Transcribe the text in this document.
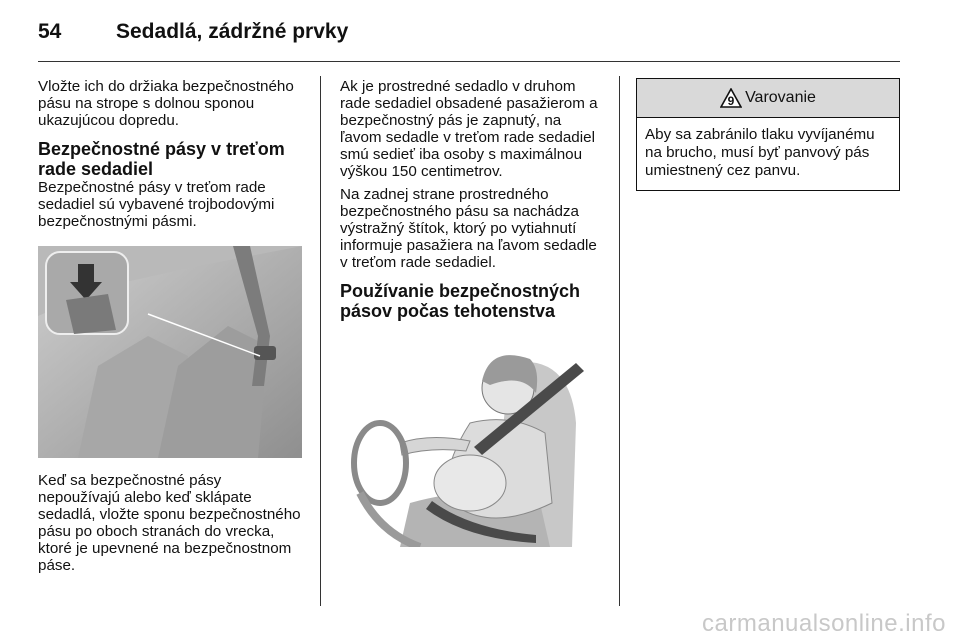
54	Sedadlá, zádržné prvky

Vložte ich do držiaka bezpečnostného pásu na strope s dolnou sponou ukazujúcou dopredu.

Bezpečnostné pásy v treťom rade sedadiel

Bezpečnostné pásy v treťom rade sedadiel sú vybavené trojbodovými bezpečnostnými pásmi.

Keď sa bezpečnostné pásy nepoužívajú alebo keď sklápate sedadlá, vložte sponu bezpečnostného pásu po oboch stranách do vrecka, ktoré je upevnené na bezpečnostnom páse.

Ak je prostredné sedadlo v druhom rade sedadiel obsadené pasažierom a bezpečnostný pás je zapnutý, na ľavom sedadle v treťom rade sedadiel smú sedieť iba osoby s maximálnou výškou 150 centimetrov.

Na zadnej strane prostredného bezpečnostného pásu sa nachádza výstražný štítok, ktorý po vytiahnutí informuje pasažiera na ľavom sedadle v treťom rade sedadiel.

Používanie bezpečnostných pásov počas tehotenstva
9 Varovanie
Aby sa zabránilo tlaku vyvíjanému na brucho, musí byť panvový pás umiestnený cez panvu.
carmanualsonline.info
